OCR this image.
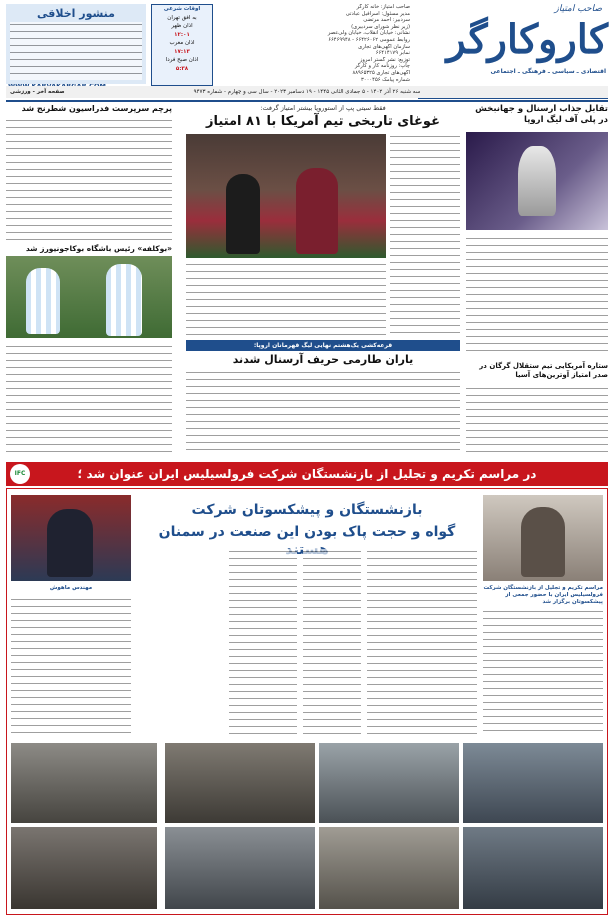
صاحب امتیاز
کاروکارگر
اقتصادی ـ سیاسی ـ فرهنگی ـ اجتماعی
صاحب امتیاز: خانه کارگر
مدیر مسئول: اسرافیل عبادتی
سردبیر: احمد مرتضی
(زیر نظر شورای سردبیری)
نشانی: خیابان انقلاب، خیابان ولی‌عصر
روابط عمومی ۶۶۴۲۶۰۶۲ - ۶۶۴۶۹۹۴۸
سازمان آگهی‌های تجاری
نمابر ۶۶۴۱۴۱۷۹
توزیع: نشر گستر امروز
چاپ: روزنامه کار و کارگر
آگهی‌های تجاری ۸۸۹۶۵۳۲۵
شماره پیامک ۳۰۰۰۴۵۶
اوقات شرعی
به افق تهران
اذان ظهر
۱۲:۰۱
اذان مغرب
۱۷:۱۳
اذان صبح فردا
۵:۳۸
منشور اخلاقی
سه شنبه ۲۶ آذر ۱۴۰۲ - ۵ جمادی الثانی ۱۴۴۵ - ۱۹ دسامبر ۲۰۲۳ - سال سی و چهارم - شماره ۹۴۷۳
صفحه آخر - ورزشی
تقابل جذاب آرسنال و جهانبخش در پلی آف لیگ اروپا
ستاره آمریکایی تیم ستقلال گرگان در صدر امتیاز آوترین‌های آسیا
فقط سیتی پپ از استوروپا بیشتر امتیاز گرفت:
غوغای تاریخی تیم آمریکا با ۸۱ امتیاز
قرعه‌کشی یک‌هشتم نهایی لیگ قهرمانان اروپا:
یاران طارمی حریف آرسنال شدند
پرچم سرپرست فدراسیون شطرنج شد
«بوکلفه» رئیس باشگاه بوکاجونیورز شد
IFC	در مراسم تکریم و تجلیل از بازنشستگان شرکت فرولسیلیس ایران عنوان شد ؛
بازنشستگان و پیشکسوتان شرکت
گواه و حجت پاک بودن این صنعت در سمنان
مراسم تکریم و تجلیل از بازنشستگان شرکت فرولسیلیس ایران با حضور جمعی از پیشکسوتان برگزار شد
مهندس ماهوش
